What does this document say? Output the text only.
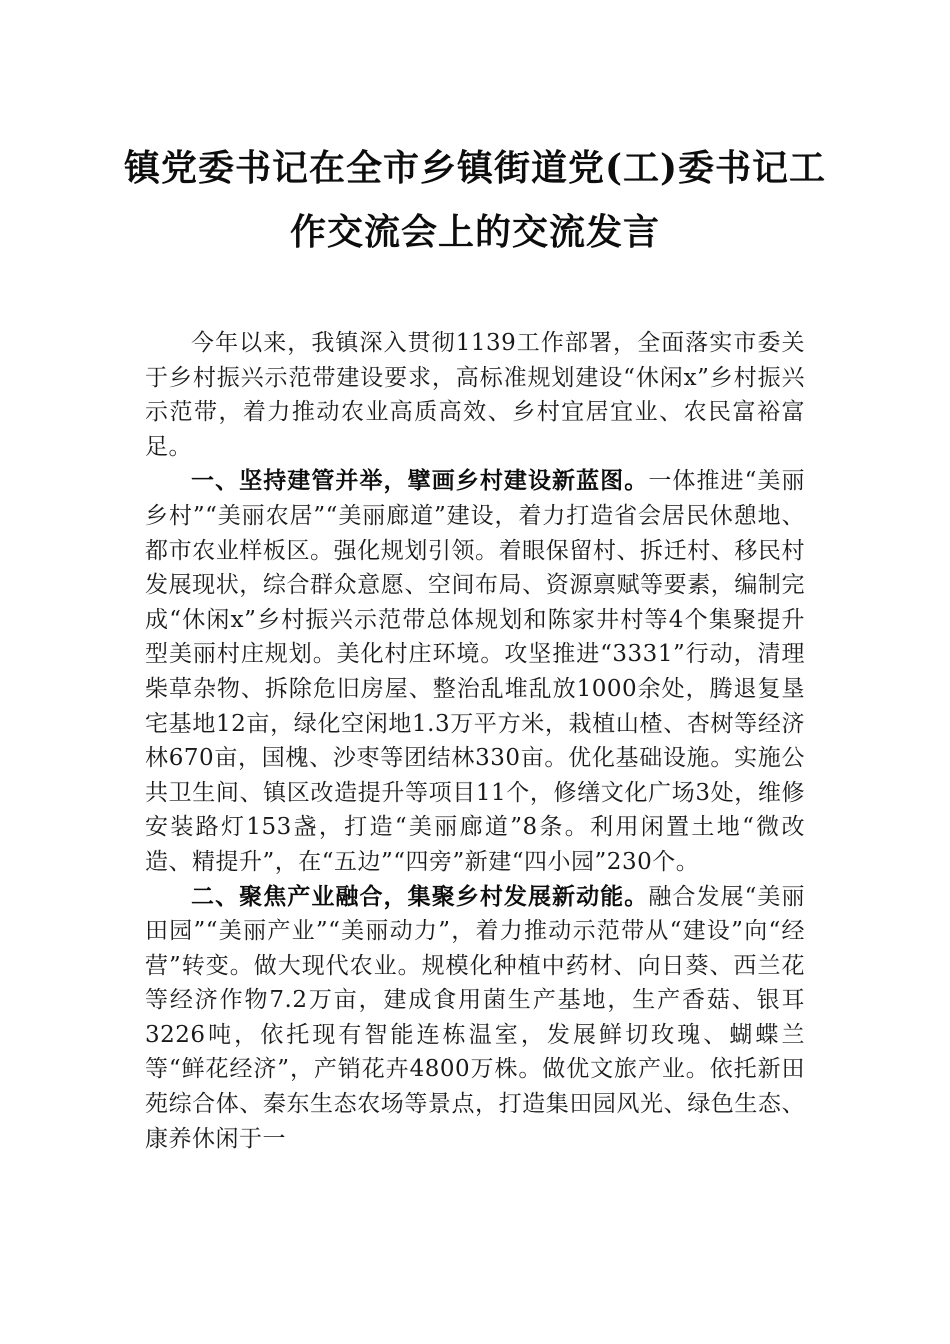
镇党委书记在全市乡镇街道党(工)委书记工
作交流会上的交流发言

今年以来，我镇深入贯彻1139工作部署，全面落实市委关于乡村振兴示范带建设要求，高标准规划建设“休闲x”乡村振兴示范带，着力推动农业高质高效、乡村宜居宜业、农民富裕富足。

一、坚持建管并举，擘画乡村建设新蓝图。一体推进“美丽乡村”“美丽农居”“美丽廊道”建设，着力打造省会居民休憩地、都市农业样板区。强化规划引领。着眼保留村、拆迁村、移民村发展现状，综合群众意愿、空间布局、资源禀赋等要素，编制完成“休闲x”乡村振兴示范带总体规划和陈家井村等4个集聚提升型美丽村庄规划。美化村庄环境。攻坚推进“3331”行动，清理柴草杂物、拆除危旧房屋、整治乱堆乱放1000余处，腾退复垦宅基地12亩，绿化空闲地1.3万平方米，栽植山楂、杏树等经济林670亩，国槐、沙枣等团结林330亩。优化基础设施。实施公共卫生间、镇区改造提升等项目11个，修缮文化广场3处，维修安装路灯153盏，打造“美丽廊道”8条。利用闲置土地“微改造、精提升”，在“五边”“四旁”新建“四小园”230个。

二、聚焦产业融合，集聚乡村发展新动能。融合发展“美丽田园”“美丽产业”“美丽动力”，着力推动示范带从“建设”向“经营”转变。做大现代农业。规模化种植中药材、向日葵、西兰花等经济作物7.2万亩，建成食用菌生产基地，生产香菇、银耳3226吨，依托现有智能连栋温室，发展鲜切玫瑰、蝴蝶兰等“鲜花经济”，产销花卉4800万株。做优文旅产业。依托新田苑综合体、秦东生态农场等景点，打造集田园风光、绿色生态、康养休闲于一
